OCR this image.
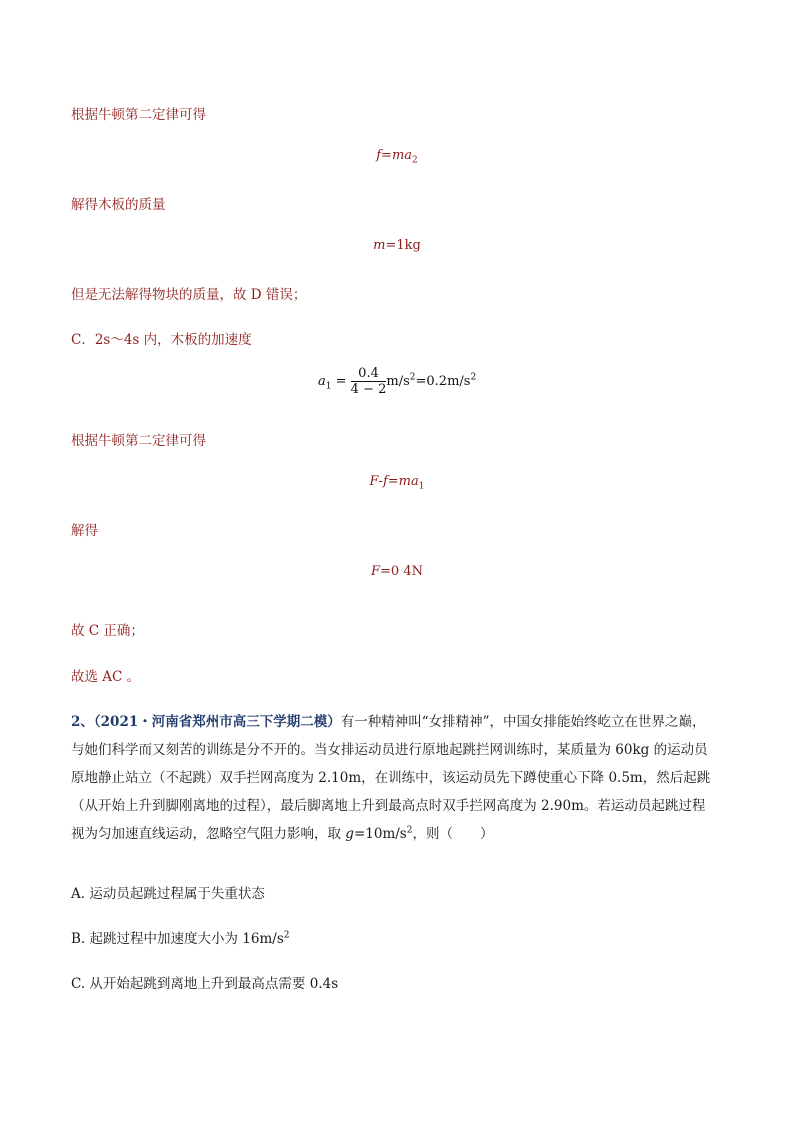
根据牛顿第二定律可得
$f=ma_2$
解得木板的质量
m=1kg
但是无法解得物块的质量，故 D 错误；
C．2s～4s 内，木板的加速度
$a_1 = \frac{0.4}{4 - 2} m/s^2=0.2m/s^2$
根据牛顿第二定律可得
$F-f=ma_1$
解得
F=0 4N
故 C 正确；
故选 AC 。
2、（2021・河南省郑州市高三下学期二模）有一种精神叫“女排精神”，中国女排能始终屹立在世界之巅，
与她们科学而又刻苦的训练是分不开的。当女排运动员进行原地起跳拦网训练时，某质量为 60kg 的运动员
原地静止站立（不起跳）双手拦网高度为 2.10m，在训练中，该运动员先下蹲使重心下降 0.5m，然后起跳
（从开始上升到脚刚离地的过程），最后脚离地上升到最高点时双手拦网高度为 2.90m。若运动员起跳过程
视为匀加速直线运动，忽略空气阻力影响，取 $g=10m/s^2$，则（　　）
A. 运动员起跳过程属于失重状态
B. 起跳过程中加速度大小为 $16m/s^2$
C. 从开始起跳到离地上升到最高点需要 0.4s
